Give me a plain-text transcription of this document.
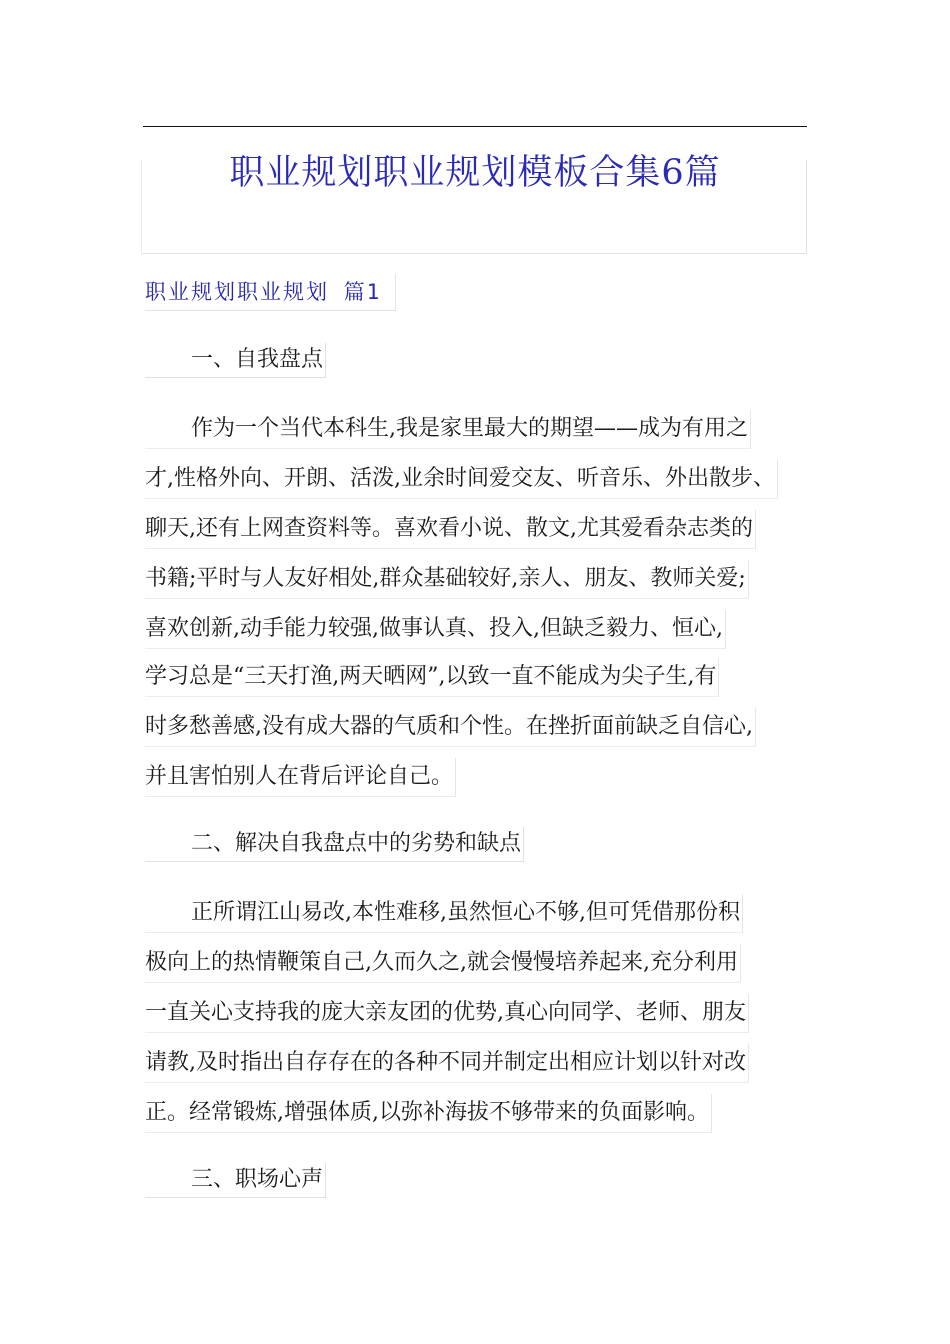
职业规划职业规划模板合集6篇
职业规划职业规划 篇1

一、自我盘点

作为一个当代本科生,我是家里最大的期望——成为有用之

才,性格外向、开朗、活泼,业余时间爱交友、听音乐、外出散步、

聊天,还有上网查资料等。喜欢看小说、散文,尤其爱看杂志类的

书籍;平时与人友好相处,群众基础较好,亲人、朋友、教师关爱;

喜欢创新,动手能力较强,做事认真、投入,但缺乏毅力、恒心,

学习总是“三天打渔,两天晒网”,以致一直不能成为尖子生,有

时多愁善感,没有成大器的气质和个性。在挫折面前缺乏自信心,

并且害怕别人在背后评论自己。

二、解决自我盘点中的劣势和缺点

正所谓江山易改,本性难移,虽然恒心不够,但可凭借那份积

极向上的热情鞭策自己,久而久之,就会慢慢培养起来,充分利用

一直关心支持我的庞大亲友团的优势,真心向同学、老师、朋友

请教,及时指出自存存在的各种不同并制定出相应计划以针对改

正。经常锻炼,增强体质,以弥补海拔不够带来的负面影响。

三、职场心声
